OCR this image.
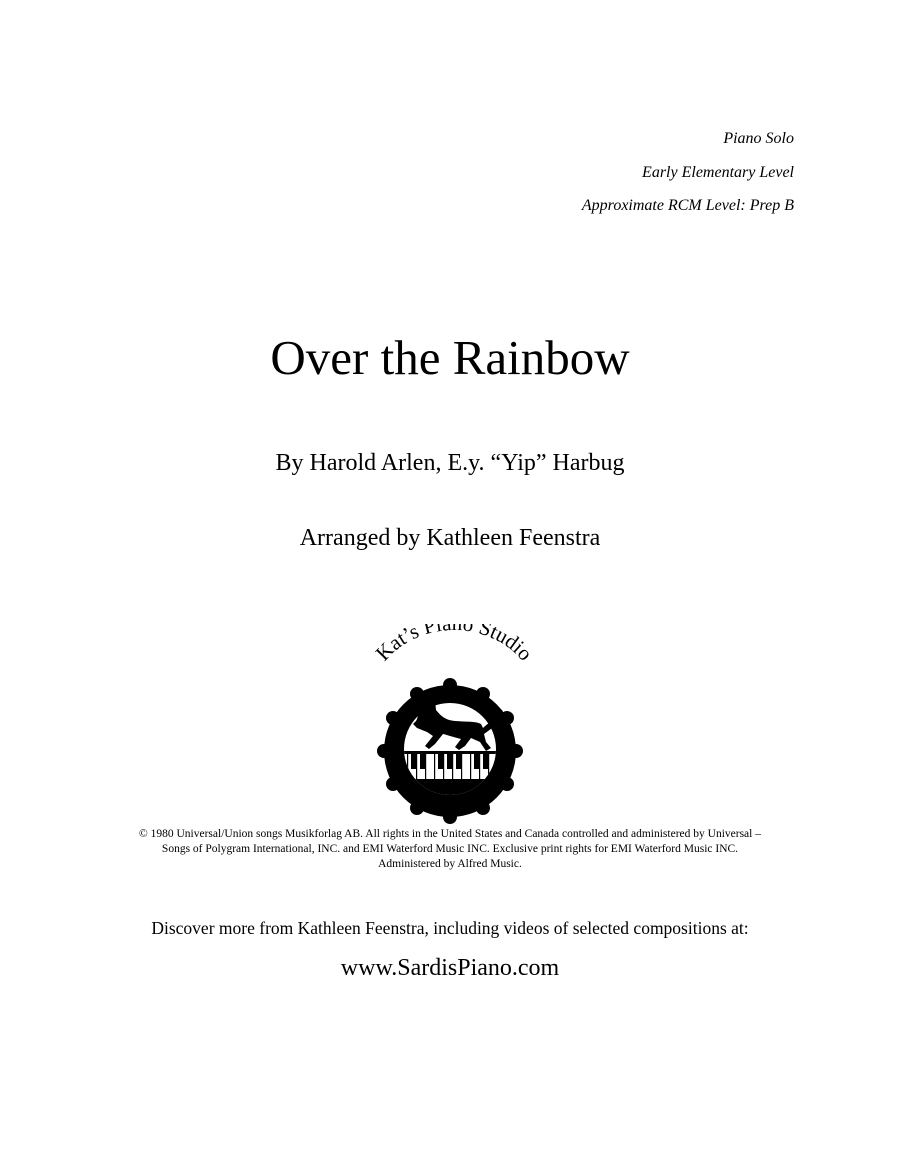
Piano Solo
Early Elementary Level
Approximate RCM Level: Prep B
Over the Rainbow
By Harold Arlen, E.y. “Yip” Harbug
Arranged by Kathleen Feenstra
Kat’s Pi o Studio
© 1980 Universal/Union songs Musikforlag AB. All rights in the United States and Canada controlled and administered by Universal –
Songs of Polygram International, INC. and EMI Waterford Music INC. Exclusive print rights for EMI Waterford Music INC.
Administered by Alfred Music.
Discover more from Kathleen Feenstra, including videos of selected compositions at:
www.SardisPiano.com
